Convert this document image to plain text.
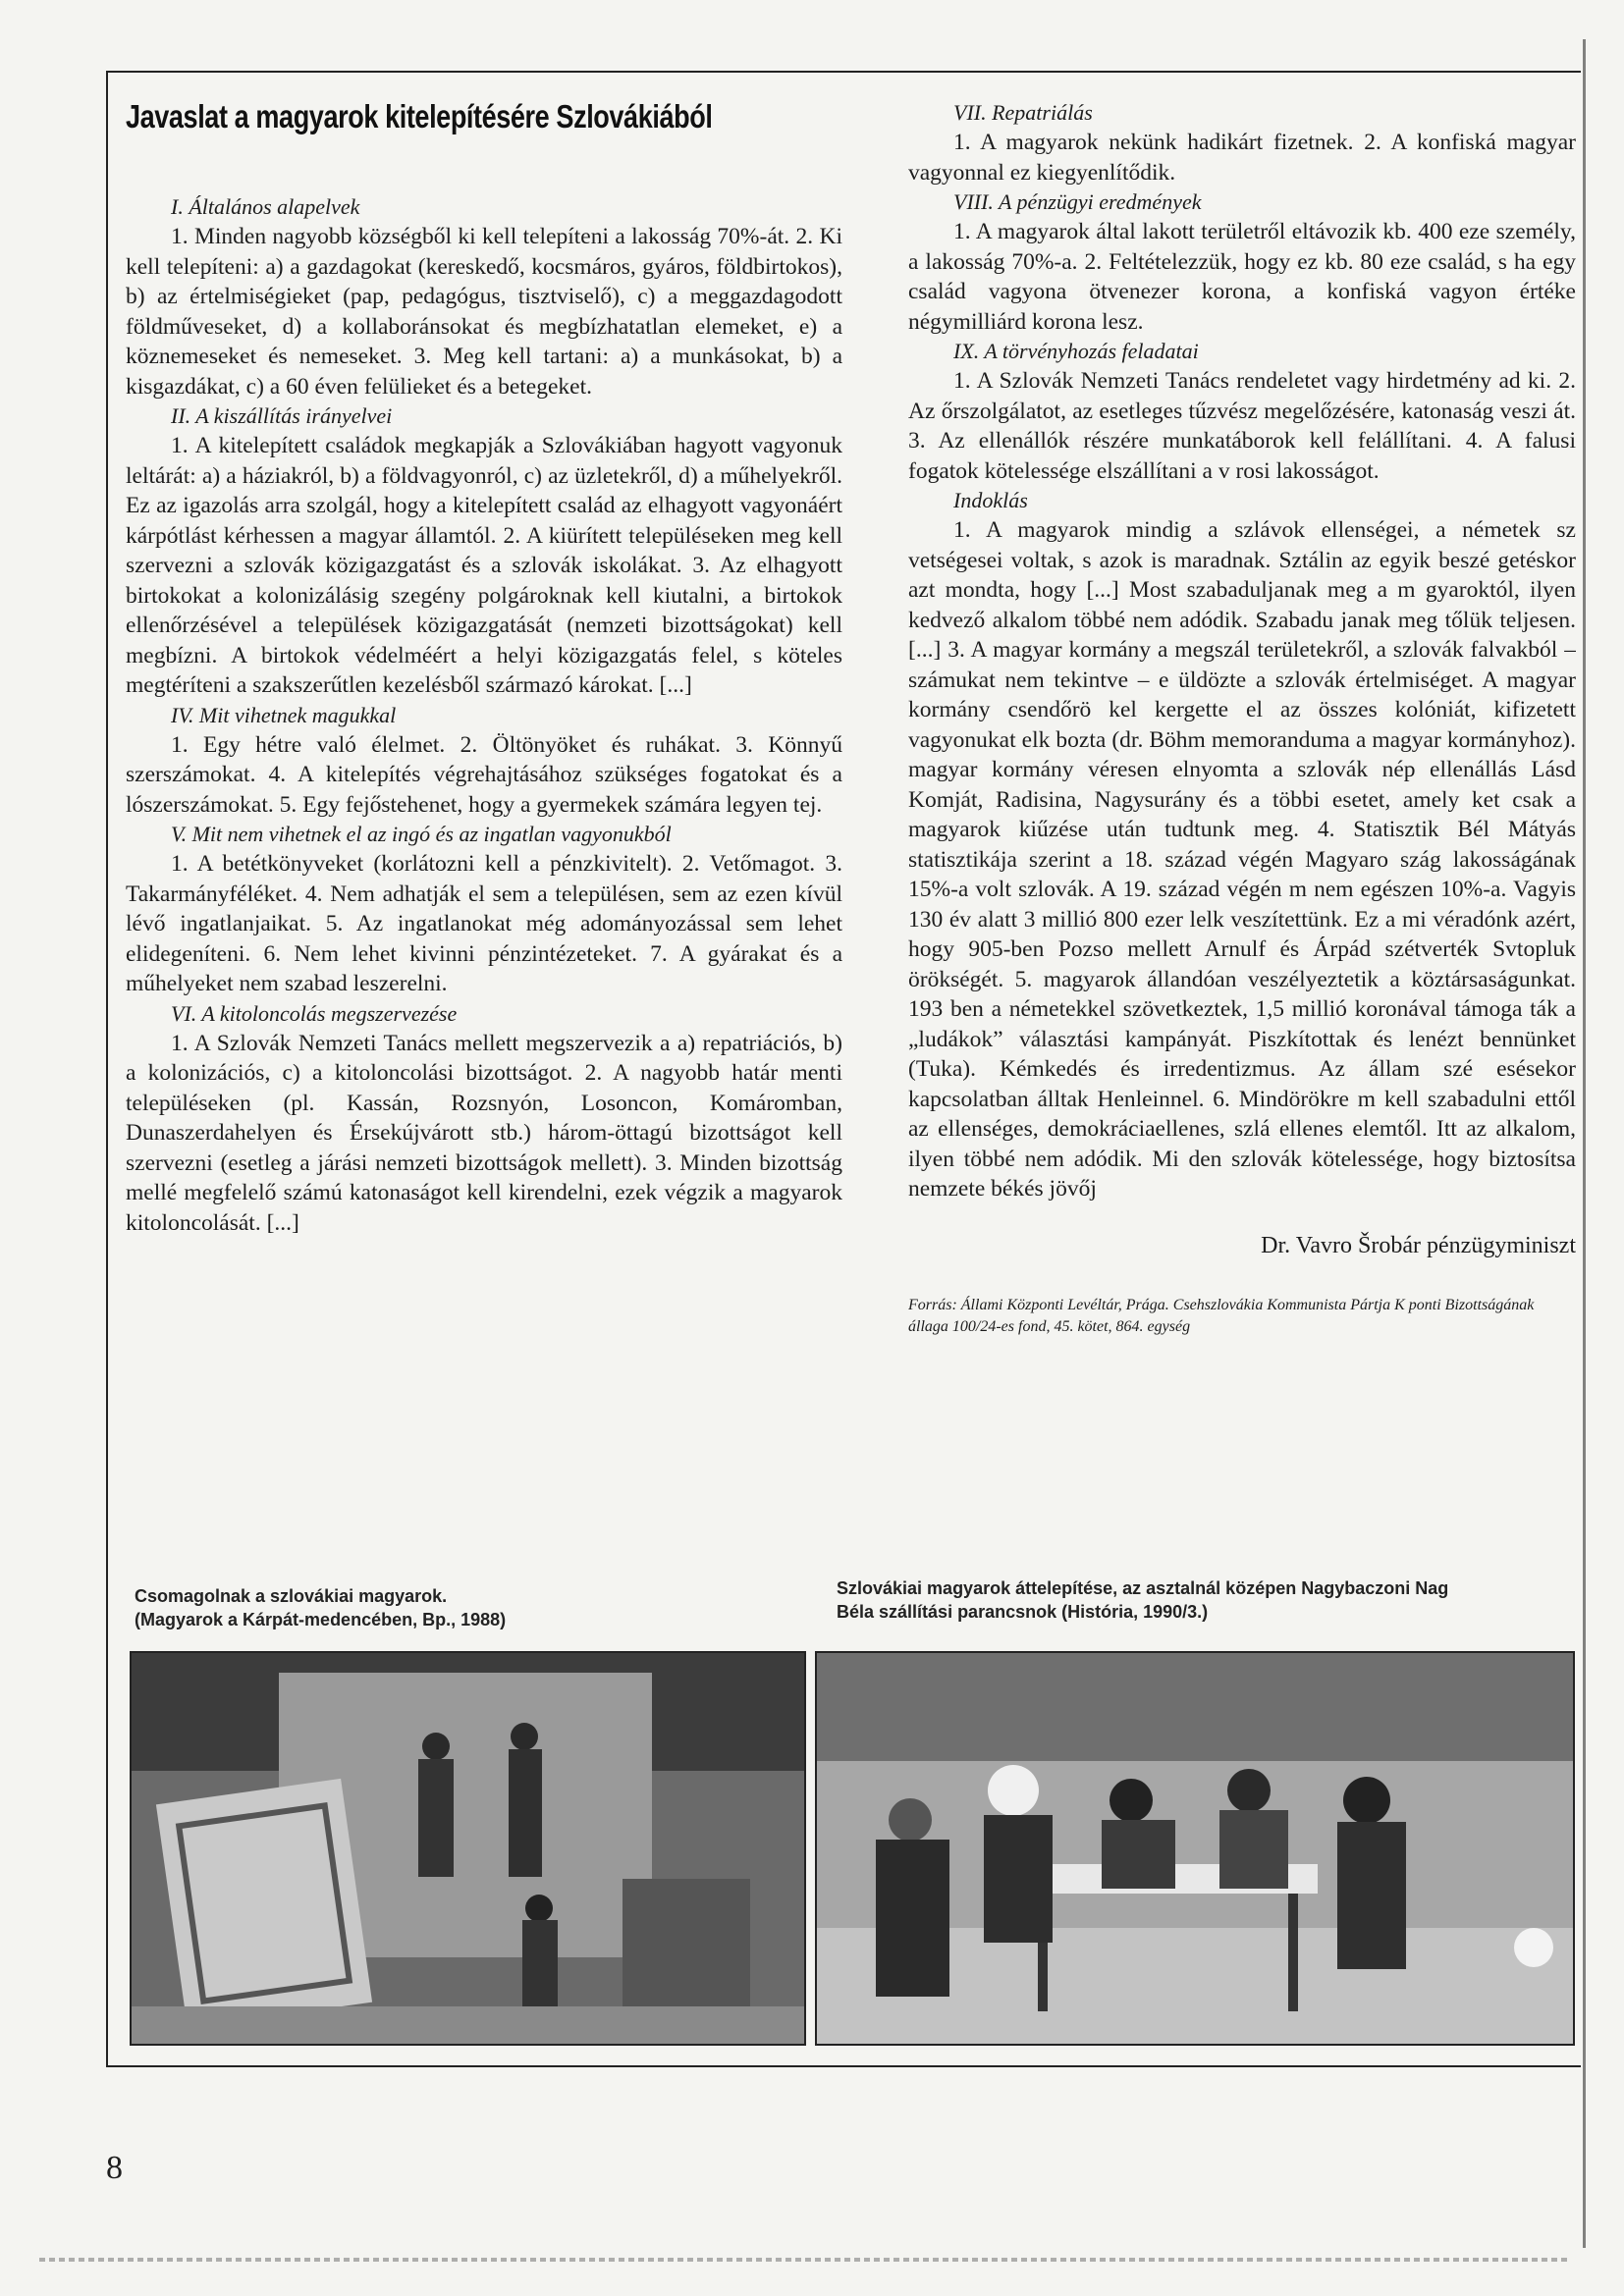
Javaslat a magyarok kitelepítésére Szlovákiából

I. Általános alapelvek

1. Minden nagyobb községből ki kell telepíteni a lakosság 70%-át. 2. Ki kell telepíteni: a) a gazdagokat (kereskedő, kocsmáros, gyáros, földbirtokos), b) az értelmiségieket (pap, pedagógus, tisztviselő), c) a meggazdagodott földműveseket, d) a kollaboránsokat és megbízhatatlan elemeket, e) a köznemeseket és nemeseket. 3. Meg kell tartani: a) a munkásokat, b) a kisgazdákat, c) a 60 éven felülieket és a betegeket.

II. A kiszállítás irányelvei

1. A kitelepített családok megkapják a Szlovákiában hagyott vagyonuk leltárát: a) a háziakról, b) a földvagyonról, c) az üzletekről, d) a műhelyekről. Ez az igazolás arra szolgál, hogy a kitelepített család az elhagyott vagyonáért kárpótlást kérhessen a magyar államtól. 2. A kiürített településeken meg kell szervezni a szlovák közigazgatást és a szlovák iskolákat. 3. Az elhagyott birtokokat a kolonizálásig szegény polgároknak kell kiutalni, a birtokok ellenőrzésével a települések közigazgatását (nemzeti bizottságokat) kell megbízni. A birtokok védelméért a helyi közigazgatás felel, s köteles megtéríteni a szakszerűtlen kezelésből származó károkat. [...]

IV. Mit vihetnek magukkal

1. Egy hétre való élelmet. 2. Öltönyöket és ruhákat. 3. Könnyű szerszámokat. 4. A kitelepítés végrehajtásához szükséges fogatokat és a lószerszámokat. 5. Egy fejőstehenet, hogy a gyermekek számára legyen tej.

V. Mit nem vihetnek el az ingó és az ingatlan vagyonukból

1. A betétkönyveket (korlátozni kell a pénzkivitelt). 2. Vetőmagot. 3. Takarmányféléket. 4. Nem adhatják el sem a településen, sem az ezen kívül lévő ingatlanjaikat. 5. Az ingatlanokat még adományozással sem lehet elidegeníteni. 6. Nem lehet kivinni pénzintézeteket. 7. A gyárakat és a műhelyeket nem szabad leszerelni.

VI. A kitoloncolás megszervezése

1. A Szlovák Nemzeti Tanács mellett megszervezik a a) repatriációs, b) a kolonizációs, c) a kitoloncolási bizottságot. 2. A nagyobb határ menti településeken (pl. Kassán, Rozsnyón, Losoncon, Komáromban, Dunaszerdahelyen és Érsekújvárott stb.) három-öttagú bizottságot kell szervezni (esetleg a járási nemzeti bizottságok mellett). 3. Minden bizottság mellé megfelelő számú katonaságot kell kirendelni, ezek végzik a magyarok kitoloncolását. [...]

VII. Repatriálás

1. A magyarok nekünk hadikárt fizetnek. 2. A konfiská magyar vagyonnal ez kiegyenlítődik.

VIII. A pénzügyi eredmények

1. A magyarok által lakott területről eltávozik kb. 400 eze személy, a lakosság 70%-a. 2. Feltételezzük, hogy ez kb. 80 eze család, s ha egy család vagyona ötvenezer korona, a konfiská vagyon értéke négymilliárd korona lesz.

IX. A törvényhozás feladatai

1. A Szlovák Nemzeti Tanács rendeletet vagy hirdetmény ad ki. 2. Az őrszolgálatot, az esetleges tűzvész megelőzésére, katonaság veszi át. 3. Az ellenállók részére munkatáborok kell felállítani. 4. A falusi fogatok kötelessége elszállítani a v rosi lakosságot.

Indoklás

1. A magyarok mindig a szlávok ellenségei, a németek sz vetségesei voltak, s azok is maradnak. Sztálin az egyik beszé getéskor azt mondta, hogy [...] Most szabaduljanak meg a m gyaroktól, ilyen kedvező alkalom többé nem adódik. Szabadu janak meg tőlük teljesen. [...] 3. A magyar kormány a megszál területekről, a szlovák falvakból – számukat nem tekintve – e üldözte a szlovák értelmiséget. A magyar kormány csendőrö kel kergette el az összes kolóniát, kifizetett vagyonukat elk bozta (dr. Böhm memoranduma a magyar kormányhoz). magyar kormány véresen elnyomta a szlovák nép ellenállás Lásd Komját, Radisina, Nagysurány és a többi esetet, amely ket csak a magyarok kiűzése után tudtunk meg. 4. Statisztik Bél Mátyás statisztikája szerint a 18. század végén Magyaro szág lakosságának 15%-a volt szlovák. A 19. század végén m nem egészen 10%-a. Vagyis 130 év alatt 3 millió 800 ezer lelk veszítettünk. Ez a mi véradónk azért, hogy 905-ben Pozso mellett Arnulf és Árpád szétverték Svtopluk örökségét. 5. magyarok állandóan veszélyeztetik a köztársaságunkat. 193 ben a németekkel szövetkeztek, 1,5 millió koronával támoga ták a „ludákok” választási kampányát. Piszkítottak és lenézt bennünket (Tuka). Kémkedés és irredentizmus. Az állam szé esésekor kapcsolatban álltak Henleinnel. 6. Mindörökre m kell szabadulni ettől az ellenséges, demokráciaellenes, szlá ellenes elemtől. Itt az alkalom, ilyen többé nem adódik. Mi den szlovák kötelessége, hogy biztosítsa nemzete békés jövőj

Dr. Vavro Šrobár pénzügyminiszt

Forrás: Állami Központi Levéltár, Prága. Csehszlovákia Kommunista Pártja K ponti Bizottságának állaga 100/24-es fond, 45. kötet, 864. egység

Csomagolnak a szlovákiai magyarok.
(Magyarok a Kárpát-medencében, Bp., 1988)
Szlovákiai magyarok áttelepítése, az asztalnál középen Nagybaczoni Nag
Béla szállítási parancsnok (História, 1990/3.)
8
